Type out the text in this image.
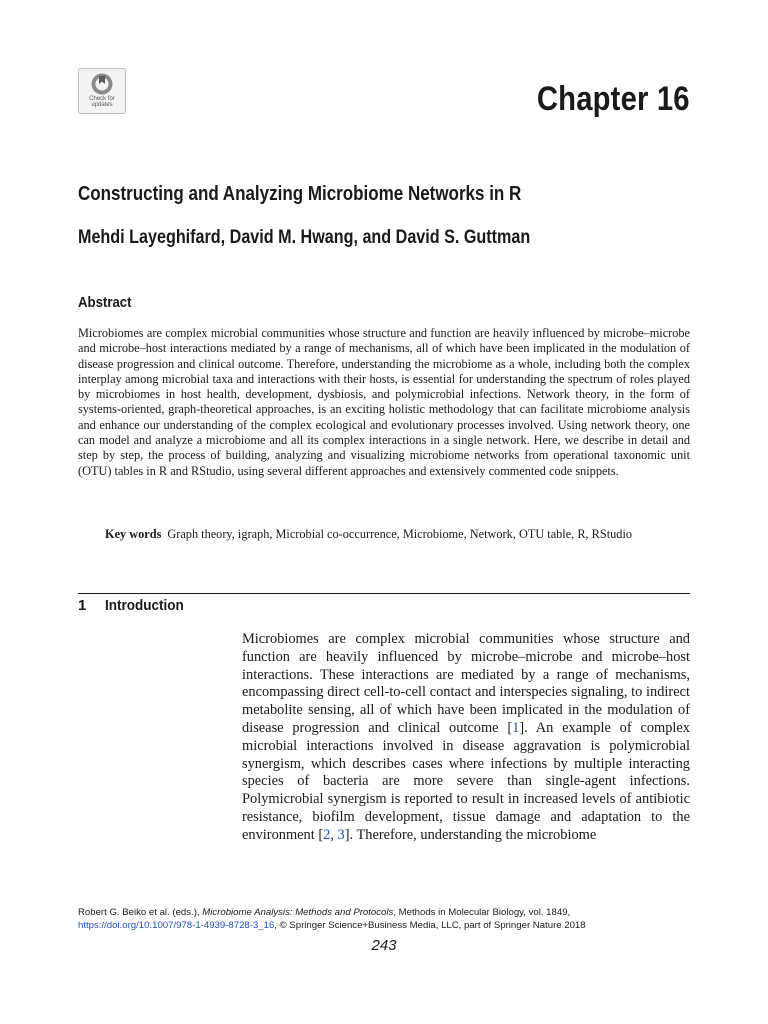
Check for
updates	Chapter 16
Constructing and Analyzing Microbiome Networks in R
Mehdi Layeghifard, David M. Hwang, and David S. Guttman
Abstract

Microbiomes are complex microbial communities whose structure and function are heavily influenced by microbe–microbe and microbe–host interactions mediated by a range of mechanisms, all of which have been implicated in the modulation of disease progression and clinical outcome. Therefore, understanding the microbiome as a whole, including both the complex interplay among microbial taxa and interactions with their hosts, is essential for understanding the spectrum of roles played by microbiomes in host health, development, dysbiosis, and polymicrobial infections. Network theory, in the form of systems-oriented, graph-theoretical approaches, is an exciting holistic methodology that can facilitate microbiome analysis and enhance our understanding of the complex ecological and evolutionary processes involved. Using network theory, one can model and analyze a microbiome and all its complex interactions in a single network. Here, we describe in detail and step by step, the process of building, analyzing and visualizing microbiome networks from operational taxonomic unit (OTU) tables in R and RStudio, using several different approaches and extensively commented code snippets.

Key words Graph theory, igraph, Microbial co-occurrence, Microbiome, Network, OTU table, R, RStudio

1 Introduction

Microbiomes are complex microbial communities whose structure and function are heavily influenced by microbe–microbe and microbe–host interactions. These interactions are mediated by a range of mechanisms, encompassing direct cell-to-cell contact and interspecies signaling, to indirect metabolite sensing, all of which have been implicated in the modulation of disease progression and clinical outcome [1]. An example of complex microbial interactions involved in disease aggravation is polymicrobial synergism, which describes cases where infections by multiple interacting species of bacteria are more severe than single-agent infections. Polymicrobial synergism is reported to result in increased levels of antibiotic resistance, biofilm development, tissue damage and adaptation to the environment [2, 3]. Therefore, understanding the microbiome

Robert G. Beiko et al. (eds.), Microbiome Analysis: Methods and Protocols, Methods in Molecular Biology, vol. 1849,
https://doi.org/10.1007/978-1-4939-8728-3_16, © Springer Science+Business Media, LLC, part of Springer Nature 2018
243
